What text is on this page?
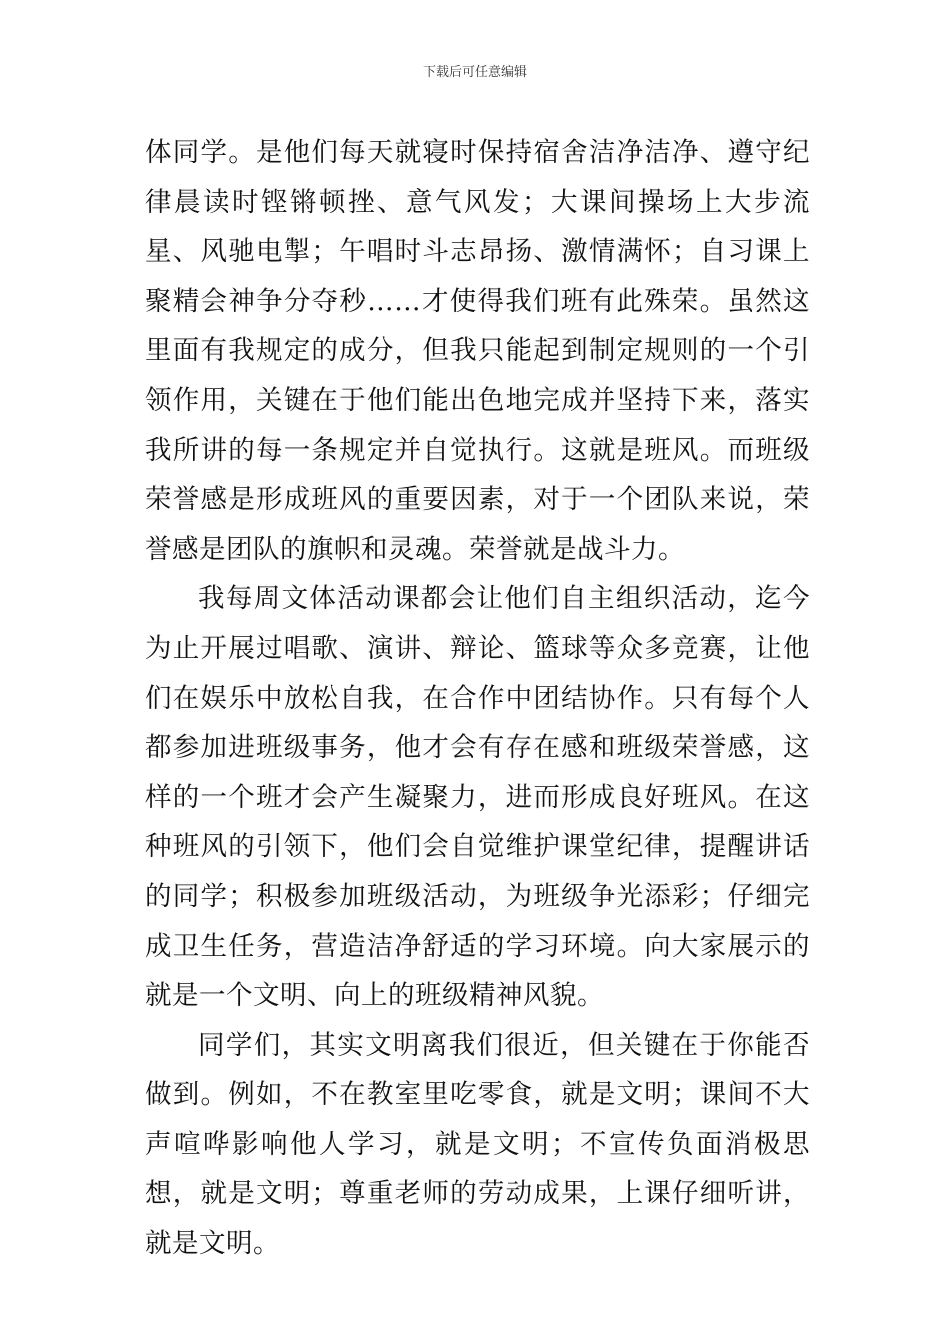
下载后可任意编辑

体同学。是他们每天就寝时保持宿舍洁净洁净、遵守纪律晨读时铿锵顿挫、意气风发；大课间操场上大步流星、风驰电掣；午唱时斗志昂扬、激情满怀；自习课上聚精会神争分夺秒……才使得我们班有此殊荣。虽然这里面有我规定的成分，但我只能起到制定规则的一个引领作用，关键在于他们能出色地完成并坚持下来，落实我所讲的每一条规定并自觉执行。这就是班风。而班级荣誉感是形成班风的重要因素，对于一个团队来说，荣誉感是团队的旗帜和灵魂。荣誉就是战斗力。

我每周文体活动课都会让他们自主组织活动，迄今为止开展过唱歌、演讲、辩论、篮球等众多竞赛，让他们在娱乐中放松自我，在合作中团结协作。只有每个人都参加进班级事务，他才会有存在感和班级荣誉感，这样的一个班才会产生凝聚力，进而形成良好班风。在这种班风的引领下，他们会自觉维护课堂纪律，提醒讲话的同学；积极参加班级活动，为班级争光添彩；仔细完成卫生任务，营造洁净舒适的学习环境。向大家展示的就是一个文明、向上的班级精神风貌。

同学们，其实文明离我们很近，但关键在于你能否做到。例如，不在教室里吃零食，就是文明；课间不大声喧哗影响他人学习，就是文明；不宣传负面消极思想，就是文明；尊重老师的劳动成果，上课仔细听讲，就是文明。
